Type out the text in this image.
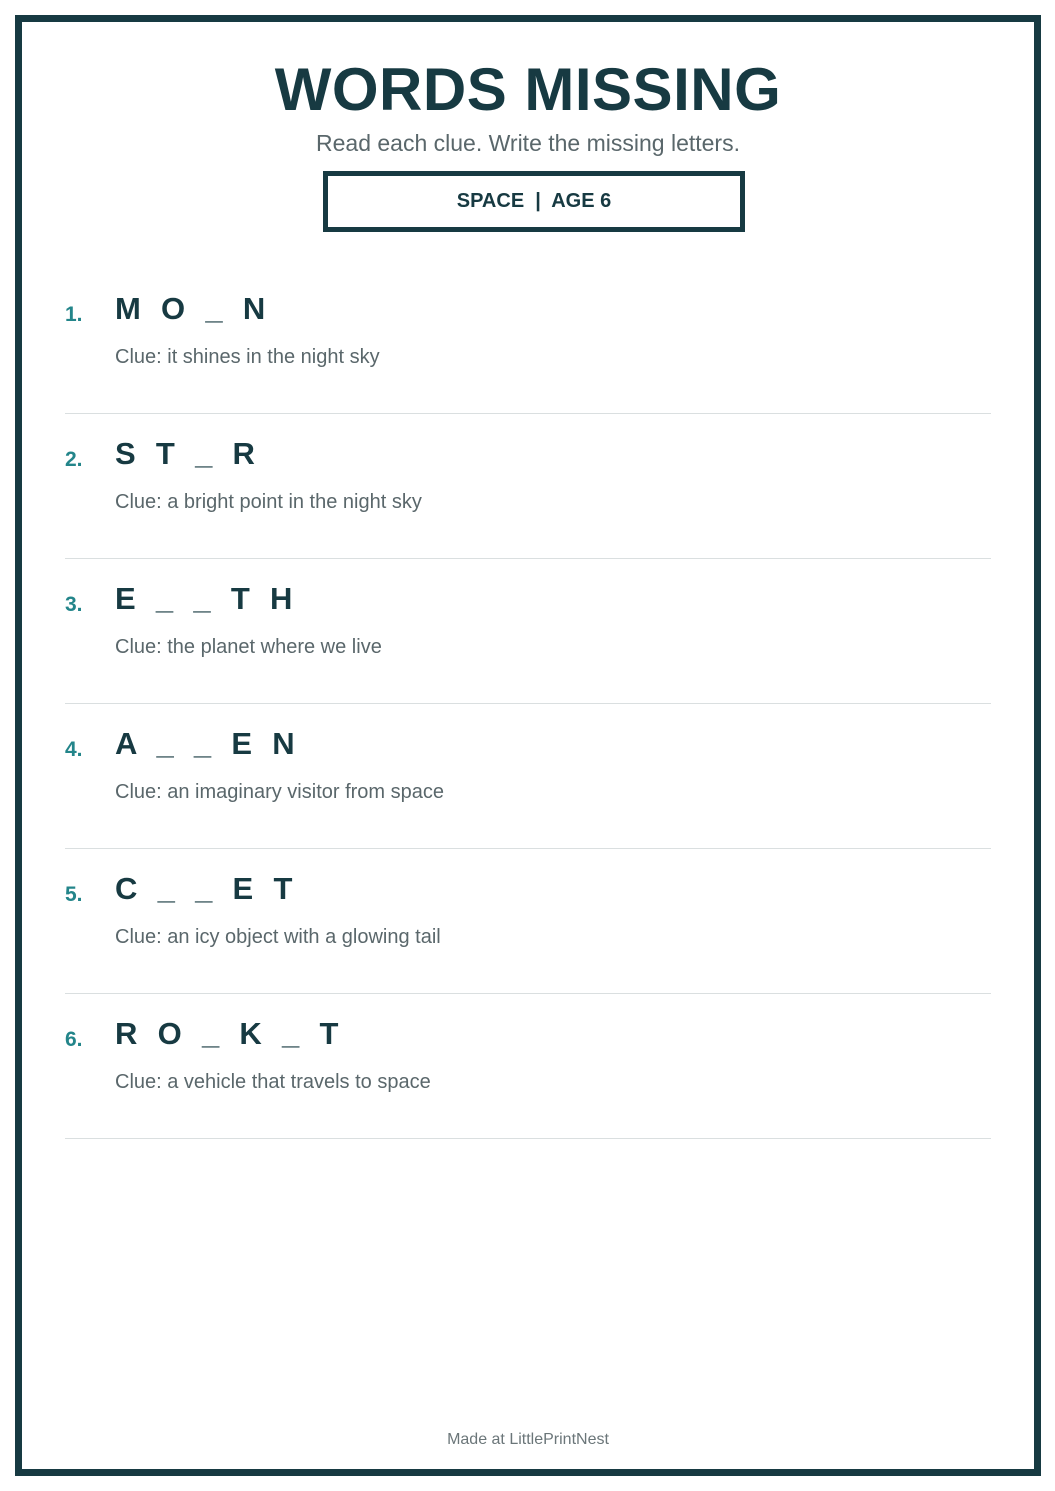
WORDS MISSING
Read each clue. Write the missing letters.
SPACE  |  AGE 6
1. M  O  _  N
Clue: it shines in the night sky
2. S  T  _  R
Clue: a bright point in the night sky
3. E  _  _  T  H
Clue: the planet where we live
4. A  _  _  E  N
Clue: an imaginary visitor from space
5. C  _  _  E  T
Clue: an icy object with a glowing tail
6. R  O  _  K  _  T
Clue: a vehicle that travels to space
Made at LittlePrintNest
